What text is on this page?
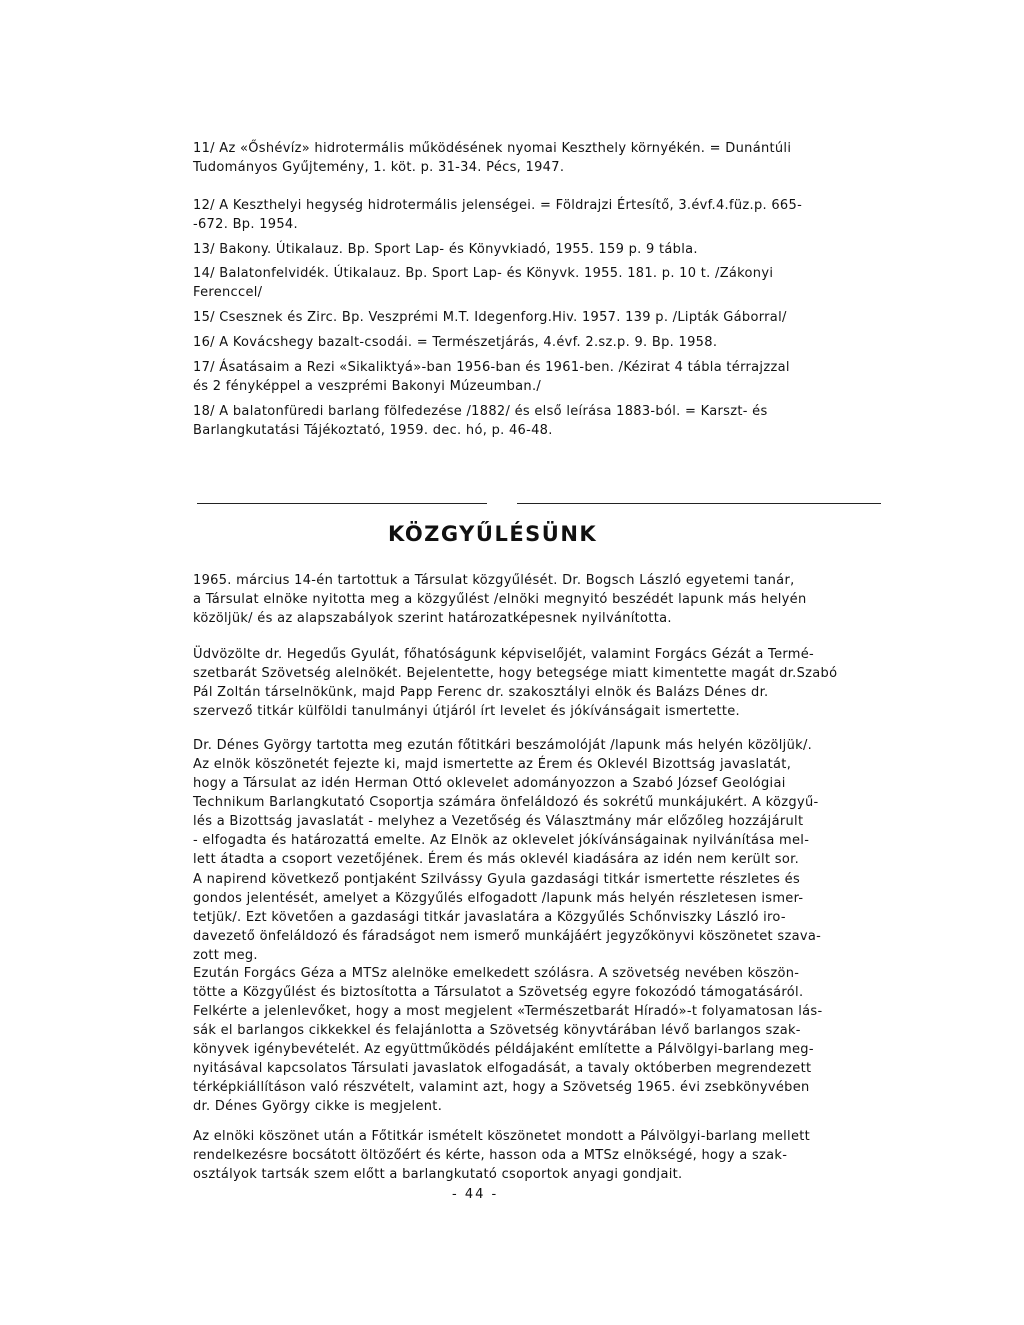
11/ Az «Őshévíz» hidrotermális működésének nyomai Keszthely környékén. = Dunántúli
Tudományos Gyűjtemény, 1. köt. p. 31-34. Pécs, 1947.
12/ A Keszthelyi hegység hidrotermális jelenségei. = Földrajzi Értesítő, 3.évf.4.füz.p. 665-
-672. Bp. 1954.
13/ Bakony. Útikalauz. Bp. Sport Lap- és Könyvkiadó, 1955. 159 p. 9 tábla.
14/ Balatonfelvidék. Útikalauz. Bp. Sport Lap- és Könyvk. 1955. 181. p. 10 t. /Zákonyi
Ferenccel/
15/ Csesznek és Zirc. Bp. Veszprémi M.T. Idegenforg.Hiv. 1957. 139 p. /Lipták Gáborral/
16/ A Kovácshegy bazalt-csodái. = Természetjárás, 4.évf. 2.sz.p. 9. Bp. 1958.
17/ Ásatásaim a Rezi «Sikaliktyá»-ban 1956-ban és 1961-ben. /Kézirat 4 tábla térrajzzal
és 2 fényképpel a veszprémi Bakonyi Múzeumban./
18/ A balatonfüredi barlang fölfedezése /1882/ és első leírása 1883-ból. = Karszt- és
Barlangkutatási Tájékoztató, 1959. dec. hó, p. 46-48.
KÖZGYŰLÉSÜNK
1965. március 14-én tartottuk a Társulat közgyűlését. Dr. Bogsch László egyetemi tanár,
a Társulat elnöke nyitotta meg a közgyűlést /elnöki megnyitó beszédét lapunk más helyén
közöljük/ és az alapszabályok szerint határozatképesnek nyilvánította.
Üdvözölte dr. Hegedűs Gyulát, főhatóságunk képviselőjét, valamint Forgács Gézát a Termé-
szetbarát Szövetség alelnökét. Bejelentette, hogy betegsége miatt kimentette magát dr.Szabó
Pál Zoltán társelnökünk, majd Papp Ferenc dr. szakosztályi elnök és Balázs Dénes dr.
szervező titkár külföldi tanulmányi útjáról írt levelet és jókívánságait ismertette.
Dr. Dénes György tartotta meg ezután főtitkári beszámolóját /lapunk más helyén közöljük/.
Az elnök köszönetét fejezte ki, majd ismertette az Érem és Oklevél Bizottság javaslatát,
hogy a Társulat az idén Herman Ottó oklevelet adományozzon a Szabó József Geológiai
Technikum Barlangkutató Csoportja számára önfeláldozó és sokrétű munkájukért. A közgyű-
lés a Bizottság javaslatát - melyhez a Vezetőség és Választmány már előzőleg hozzájárult
- elfogadta és határozattá emelte. Az Elnök az oklevelet jókívánságainak nyilvánítása mel-
lett átadta a csoport vezetőjének. Érem és más oklevél kiadására az idén nem került sor.
A napirend következő pontjaként Szilvássy Gyula gazdasági titkár ismertette részletes és
gondos jelentését, amelyet a Közgyűlés elfogadott /lapunk más helyén részletesen ismer-
tetjük/. Ezt követően a gazdasági titkár javaslatára a Közgyűlés Schőnviszky László iro-
davezető önfeláldozó és fáradságot nem ismerő munkájáért jegyzőkönyvi köszönetet szava-
zott meg.
Ezután Forgács Géza a MTSz alelnöke emelkedett szólásra. A szövetség nevében köszön-
tötte a Közgyűlést és biztosította a Társulatot a Szövetség egyre fokozódó támogatásáról.
Felkérte a jelenlevőket, hogy a most megjelent «Természetbarát Híradó»-t folyamatosan lás-
sák el barlangos cikkekkel és felajánlotta a Szövetség könyvtárában lévő barlangos szak-
könyvek igénybevételét. Az együttműködés példájaként említette a Pálvölgyi-barlang meg-
nyitásával kapcsolatos Társulati javaslatok elfogadását, a tavaly októberben megrendezett
térképkiállításon való részvételt, valamint azt, hogy a Szövetség 1965. évi zsebkönyvében
dr. Dénes György cikke is megjelent.
Az elnöki köszönet után a Főtitkár ismételt köszönetet mondott a Pálvölgyi-barlang mellett
rendelkezésre bocsátott öltözőért és kérte, hasson oda a MTSz elnökségé, hogy a szak-
osztályok tartsák szem előtt a barlangkutató csoportok anyagi gondjait.
- 44 -
